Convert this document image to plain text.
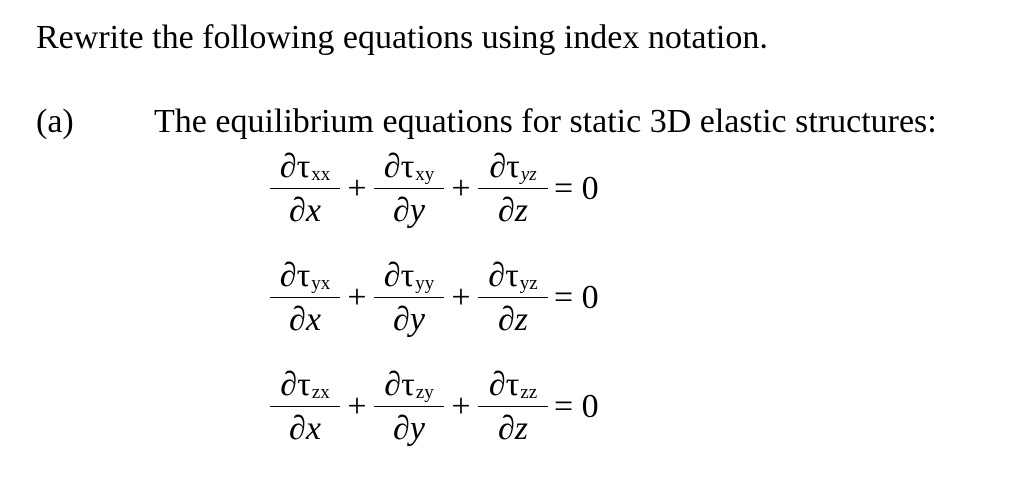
Rewrite the following equations using index notation.
(a) The equilibrium equations for static 3D elastic structures:
$\frac{\text{∂ τ xx}}{\partial x} + \frac{\text{∂ τ xy}}{\partial y} + \frac{\text{∂ τ yz}}{\partial z} = 0$
$\frac{\text{∂ τ yx}}{\partial x} + \frac{\text{∂ τ yy}}{\partial y} + \frac{\text{∂ τ yz}}{\partial z} = 0$
$\frac{\text{∂ τ zx}}{\partial x} + \frac{\text{∂ τ zy}}{\partial y} + \frac{\text{∂ τ zz}}{\partial z} = 0$
